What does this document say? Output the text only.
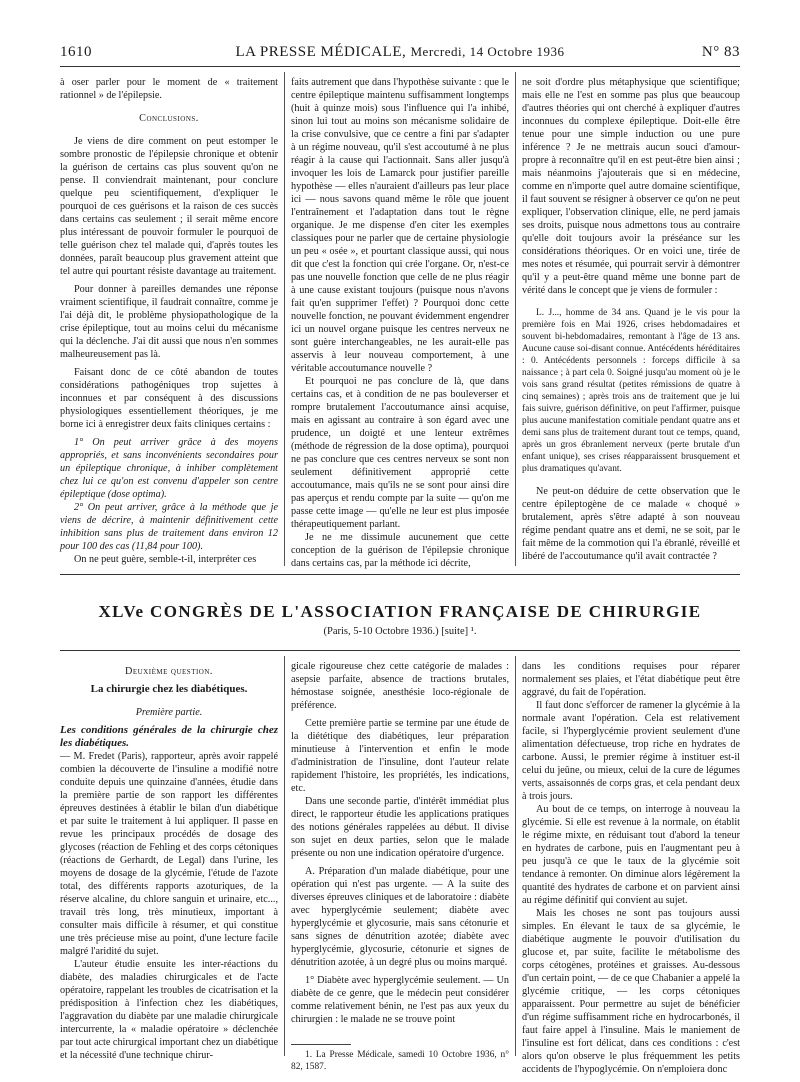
1610	LA PRESSE MÉDICALE, Mercredi, 14 Octobre 1936	N° 83

à oser parler pour le moment de « traitement rationnel » de l'épilepsie.

Conclusions.

Je viens de dire comment on peut estomper le sombre pronostic de l'épilepsie chronique et obtenir la guérison de certains cas plus souvent qu'on ne pense. Il conviendrait maintenant, pour conclure quelque peu scientifiquement, d'expliquer le pourquoi de ces guérisons et la raison de ces succès dans certains cas seulement ; il serait même encore plus intéressant de pouvoir formuler le pourquoi de telle guérison chez tel malade qui, d'après toutes les données, paraît beaucoup plus gravement atteint que tel autre qui pourtant résiste davantage au traitement.

Pour donner à pareilles demandes une réponse vraiment scientifique, il faudrait connaître, comme je l'ai déjà dit, le problème physiopathologique de la crise épileptique, tout au moins celui du mécanisme qui la déclenche. J'ai dit aussi que nous n'en sommes malheureusement pas là.

Faisant donc de ce côté abandon de toutes considérations pathogéniques trop sujettes à inconnues et par conséquent à des discussions physiologiques essentiellement théoriques, je me borne ici à enregistrer deux faits cliniques certains :

1° On peut arriver grâce à des moyens appropriés, et sans inconvénients secondaires pour un épileptique chronique, à inhiber complètement chez lui ce qu'on est convenu d'appeler son centre épileptique (dose optima).

2° On peut arriver, grâce à la méthode que je viens de décrire, à maintenir définitivement cette inhibition sans plus de traitement dans environ 12 pour 100 des cas (11,84 pour 100).

On ne peut guère, semble-t-il, interpréter ces

faits autrement que dans l'hypothèse suivante : que le centre épileptique maintenu suffisamment longtemps (huit à quinze mois) sous l'influence qui l'a inhibé, sinon lui tout au moins son mécanisme solidaire de la crise convulsive, que ce centre a fini par s'adapter à un régime nouveau, qu'il s'est accoutumé à ne plus réagir à la cause qui l'actionnait. Sans aller jusqu'à invoquer les lois de Lamarck pour justifier pareille hypothèse — elles n'auraient d'ailleurs pas leur place ici — nous savons quand même le rôle que jouent l'entraînement et l'adaptation dans tout le règne organique. Je me dispense d'en citer les exemples classiques pour ne parler que de certaine physiologie un peu « osée », et pourtant classique aussi, qui nous dit que c'est la fonction qui crée l'organe. Or, n'est-ce pas une nouvelle fonction que celle de ne plus réagir à une cause existant toujours (puisque nous n'avons fait qu'en supprimer l'effet) ? Pourquoi donc cette nouvelle fonction, ne pouvant évidemment engendrer ici un nouvel organe puisque les centres nerveux ne sont guère interchangeables, ne les aurait-elle pas asservis à leur nouveau comportement, à une véritable accoutumance nouvelle ?

Et pourquoi ne pas conclure de là, que dans certains cas, et à condition de ne pas bouleverser et rompre brutalement l'accoutumance ainsi acquise, mais en agissant au contraire à son égard avec une prudence, un doigté et une lenteur extrêmes (méthode de régression de la dose optima), pourquoi ne pas conclure que ces centres nerveux se sont non seulement définitivement approprié cette accoutumance, mais qu'ils ne se sont pour ainsi dire pas aperçus et rendu compte par la suite — qu'on me passe cette image — qu'elle ne leur est plus imposée thérapeutiquement parlant.

Je ne me dissimule aucunement que cette conception de la guérison de l'épilepsie chronique dans certains cas, par la méthode ici décrite,

ne soit d'ordre plus métaphysique que scientifique; mais elle ne l'est en somme pas plus que beaucoup d'autres théories qui ont cherché à expliquer d'autres inconnues du complexe épileptique. Doit-elle être tenue pour une simple induction ou une pure inférence ? Je ne mettrais aucun souci d'amour-propre à reconnaître qu'il en est peut-être bien ainsi ; mais néanmoins j'ajouterais que si en médecine, comme en n'importe quel autre domaine scientifique, il faut souvent se résigner à observer ce qu'on ne peut expliquer, l'observation clinique, elle, ne perd jamais ses droits, puisque nous admettons tous au contraire qu'elle doit toujours avoir la préséance sur les considérations théoriques. Or en voici une, tirée de mes notes et résumée, qui pourrait servir à démontrer qu'il y a peut-être quand même une bonne part de vérité dans le concept que je viens de formuler :

L. J..., homme de 34 ans. Quand je le vis pour la première fois en Mai 1926, crises hebdomadaires et souvent bi-hebdomadaires, remontant à l'âge de 13 ans. Aucune cause soi-disant connue. Antécédents héréditaires : 0. Antécédents personnels : forceps difficile à sa naissance ; à part cela 0. Soigné jusqu'au moment où je le vois sans grand résultat (petites rémissions de quatre à cinq semaines) ; après trois ans de traitement que je lui fais suivre, guérison définitive, on peut l'affirmer, puisque plus aucune manifestation comitiale pendant quatre ans et demi sans plus de traitement durant tout ce temps, quand, après un gros ébranlement nerveux (perte brutale d'un enfant unique), ses crises réapparaissent brusquement et plus dramatiques qu'avant.

Ne peut-on déduire de cette observation que le centre épileptogène de ce malade « choqué » brutalement, après s'être adapté à son nouveau régime pendant quatre ans et demi, ne se soit, par le fait même de la commotion qui l'a ébranlé, réveillé et libéré de l'accoutumance qu'il avait contractée ?

XLVe CONGRÈS DE L'ASSOCIATION FRANÇAISE DE CHIRURGIE
(Paris, 5-10 Octobre 1936.) [suite] ¹.

Deuxième question.

La chirurgie chez les diabétiques.

Première partie.

Les conditions générales de la chirurgie chez les diabétiques.

— M. Fredet (Paris), rapporteur, après avoir rappelé combien la découverte de l'insuline a modifié notre conduite depuis une quinzaine d'années, étudie dans la première partie de son rapport les différentes épreuves destinées à établir le bilan d'un diabétique et par suite le traitement à lui appliquer. Il passe en revue les principaux procédés de dosage des glycoses (réaction de Fehling et des corps cétoniques (réactions de Gerhardt, de Legal) dans l'urine, les moyens de dosage de la glycémie, l'étude de l'azote total, des différents rapports azoturiques, de la réserve alcaline, du chlore sanguin et urinaire, etc..., travail très long, très minutieux, important à consulter mais difficile à résumer, et qui constitue une très précieuse mise au point, d'une lecture facile malgré l'aridité du sujet.

L'auteur étudie ensuite les inter-réactions du diabète, des maladies chirurgicales et de l'acte opératoire, rappelant les troubles de cicatrisation et la prédisposition à l'infection chez les diabétiques, l'aggravation du diabète par une maladie chirurgicale intercurrente, la « maladie opératoire » déclenchée par tout acte chirurgical important chez un diabétique et la nécessité d'une technique chirur-

gicale rigoureuse chez cette catégorie de malades : asepsie parfaite, absence de tractions brutales, hémostase soignée, anesthésie loco-régionale de préférence.

Cette première partie se termine par une étude de la diététique des diabétiques, leur préparation minutieuse à l'intervention et enfin le mode d'administration de l'insuline, dont l'auteur relate rapidement l'histoire, les propriétés, les indications, etc.

Dans une seconde partie, d'intérêt immédiat plus direct, le rapporteur étudie les applications pratiques des notions générales rappelées au début. Il divise son sujet en deux parties, selon que le malade présente ou non une indication opératoire d'urgence.

A. Préparation d'un malade diabétique, pour une opération qui n'est pas urgente. — A la suite des diverses épreuves cliniques et de laboratoire : diabète avec hyperglycémie seulement; diabète avec hyperglycémie et glycosurie, mais sans cétonurie et sans signes de dénutrition azotée; diabète avec hyperglycémie, glycosurie, cétonurie et signes de dénutrition azotée, à un degré plus ou moins marqué.

1° Diabète avec hyperglycémie seulement. — Un diabète de ce genre, que le médecin peut considérer comme relativement bénin, ne l'est pas aux yeux du chirurgien : le malade ne se trouve point

1. La Presse Médicale, samedi 10 Octobre 1936, n° 82, 1587.

dans les conditions requises pour réparer normalement ses plaies, et l'état diabétique peut être aggravé, du fait de l'opération.

Il faut donc s'efforcer de ramener la glycémie à la normale avant l'opération. Cela est relativement facile, si l'hyperglycémie provient seulement d'une alimentation défectueuse, trop riche en hydrates de carbone. Aussi, le premier régime à instituer est-il celui du jeûne, ou mieux, celui de la cure de légumes verts, assaisonnés de corps gras, et cela pendant deux à trois jours.

Au bout de ce temps, on interroge à nouveau la glycémie. Si elle est revenue à la normale, on établit le régime mixte, en réduisant tout d'abord la teneur en hydrates de carbone, puis en l'augmentant peu à peu jusqu'à ce que le taux de la glycémie soit tendance à remonter. On diminue alors légèrement la quantité des hydrates de carbone et on parvient ainsi au régime définitif qui convient au sujet.

Mais les choses ne sont pas toujours aussi simples. En élevant le taux de sa glycémie, le diabétique augmente le pouvoir d'utilisation du glucose et, par suite, facilite le métabolisme des corps cétogènes, protéines et graisses. Au-dessous d'un certain point, — de ce que Chabanier a appelé la glycémie critique, — les corps cétoniques apparaissent. Pour permettre au sujet de bénéficier d'un régime suffisamment riche en hydrocarbonés, il faut faire appel à l'insuline. Mais le maniement de l'insuline est fort délicat, dans ces conditions : c'est alors qu'on observe le plus fréquemment les petits accidents de l'hypoglycémie. On n'emploiera donc
